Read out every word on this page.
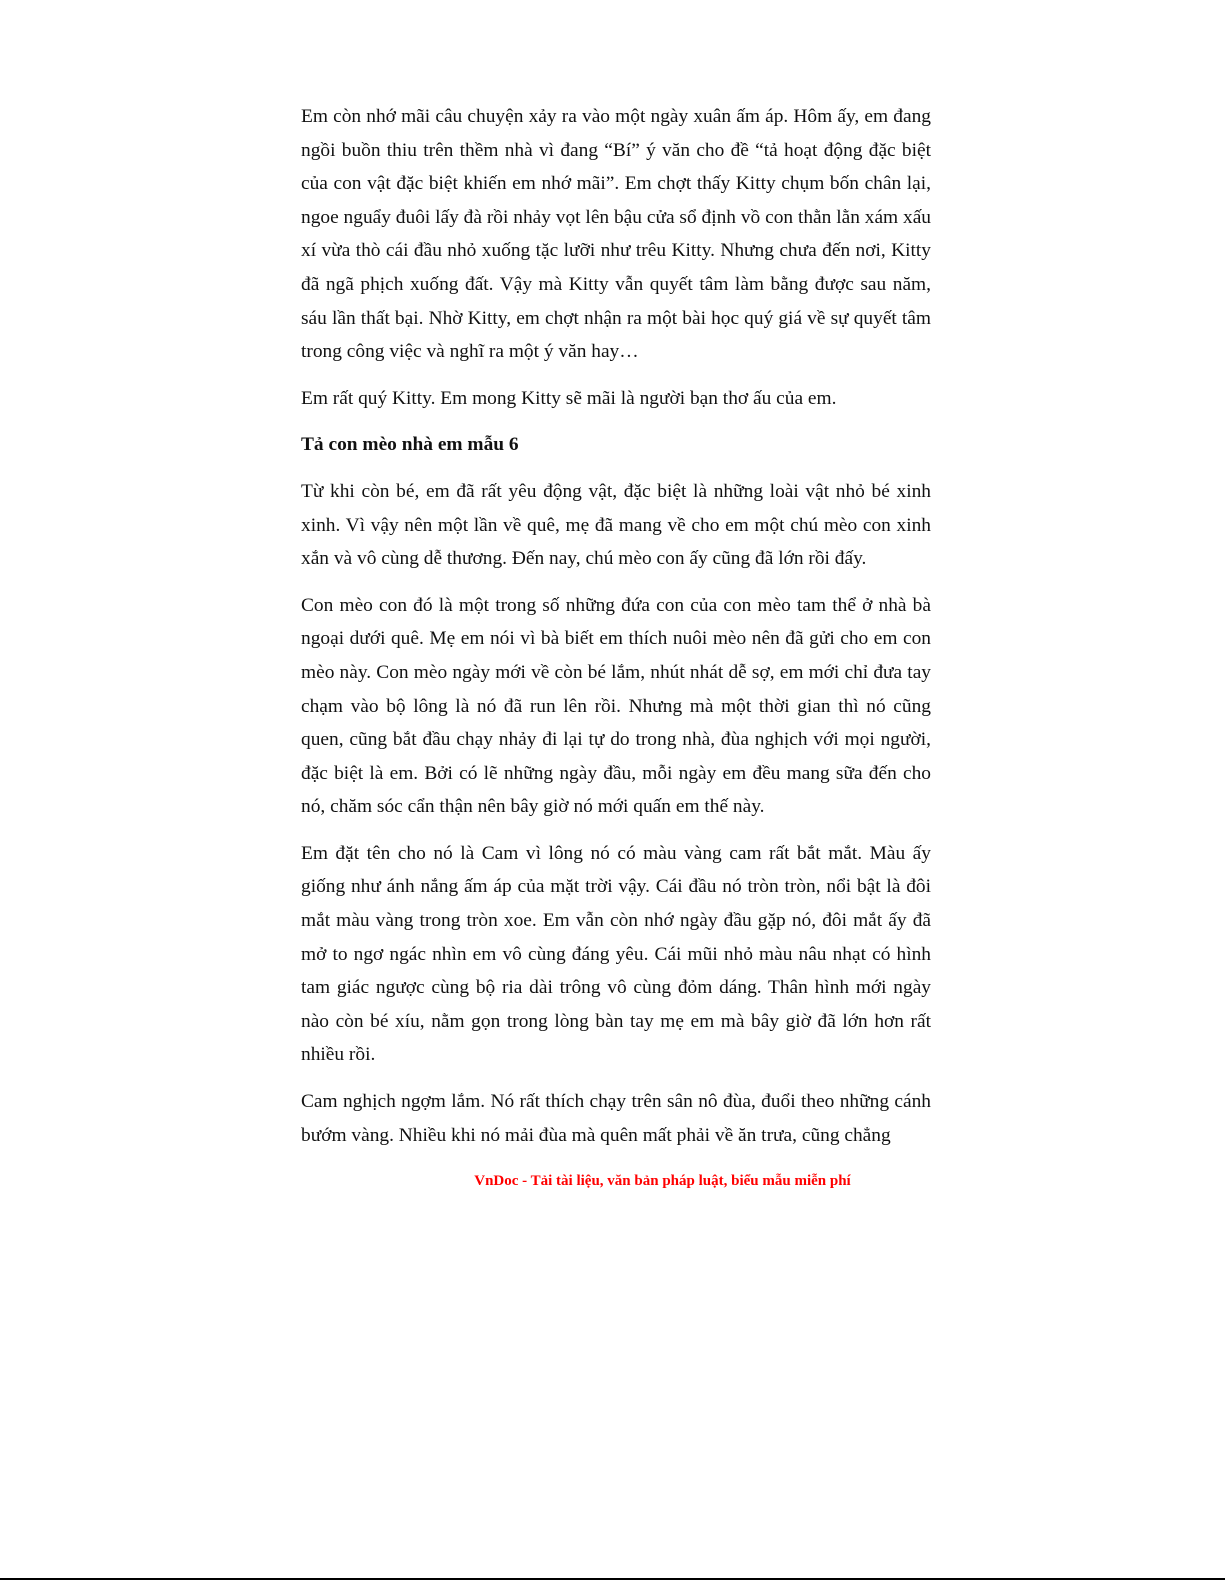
Em còn nhớ mãi câu chuyện xảy ra vào một ngày xuân ấm áp. Hôm ấy, em đang ngồi buồn thiu trên thềm nhà vì đang “Bí” ý văn cho đề “tả hoạt động đặc biệt của con vật đặc biệt khiến em nhớ mãi”. Em chợt thấy Kitty chụm bốn chân lại, ngoe nguẩy đuôi lấy đà rồi nhảy vọt lên bậu cửa sổ định vồ con thằn lằn xám xấu xí vừa thò cái đầu nhỏ xuống tặc lưỡi như trêu Kitty. Nhưng chưa đến nơi, Kitty đã ngã phịch xuống đất. Vậy mà Kitty vẫn quyết tâm làm bằng được sau năm, sáu lần thất bại. Nhờ Kitty, em chợt nhận ra một bài học quý giá về sự quyết tâm trong công việc và nghĩ ra một ý văn hay…

Em rất quý Kitty. Em mong Kitty sẽ mãi là người bạn thơ ấu của em.

Tả con mèo nhà em mẫu 6

Từ khi còn bé, em đã rất yêu động vật, đặc biệt là những loài vật nhỏ bé xinh xinh. Vì vậy nên một lần về quê, mẹ đã mang về cho em một chú mèo con xinh xắn và vô cùng dễ thương. Đến nay, chú mèo con ấy cũng đã lớn rồi đấy.

Con mèo con đó là một trong số những đứa con của con mèo tam thể ở nhà bà ngoại dưới quê. Mẹ em nói vì bà biết em thích nuôi mèo nên đã gửi cho em con mèo này. Con mèo ngày mới về còn bé lắm, nhút nhát dễ sợ, em mới chỉ đưa tay chạm vào bộ lông là nó đã run lên rồi. Nhưng mà một thời gian thì nó cũng quen, cũng bắt đầu chạy nhảy đi lại tự do trong nhà, đùa nghịch với mọi người, đặc biệt là em. Bởi có lẽ những ngày đầu, mỗi ngày em đều mang sữa đến cho nó, chăm sóc cẩn thận nên bây giờ nó mới quấn em thế này.

Em đặt tên cho nó là Cam vì lông nó có màu vàng cam rất bắt mắt. Màu ấy giống như ánh nắng ấm áp của mặt trời vậy. Cái đầu nó tròn tròn, nổi bật là đôi mắt màu vàng trong tròn xoe. Em vẫn còn nhớ ngày đầu gặp nó, đôi mắt ấy đã mở to ngơ ngác nhìn em vô cùng đáng yêu. Cái mũi nhỏ màu nâu nhạt có hình tam giác ngược cùng bộ ria dài trông vô cùng đỏm dáng. Thân hình mới ngày nào còn bé xíu, nằm gọn trong lòng bàn tay mẹ em mà bây giờ đã lớn hơn rất nhiều rồi.

Cam nghịch ngợm lắm. Nó rất thích chạy trên sân nô đùa, đuổi theo những cánh bướm vàng. Nhiều khi nó mải đùa mà quên mất phải về ăn trưa, cũng chẳng

VnDoc - Tải tài liệu, văn bản pháp luật, biểu mẫu miễn phí
